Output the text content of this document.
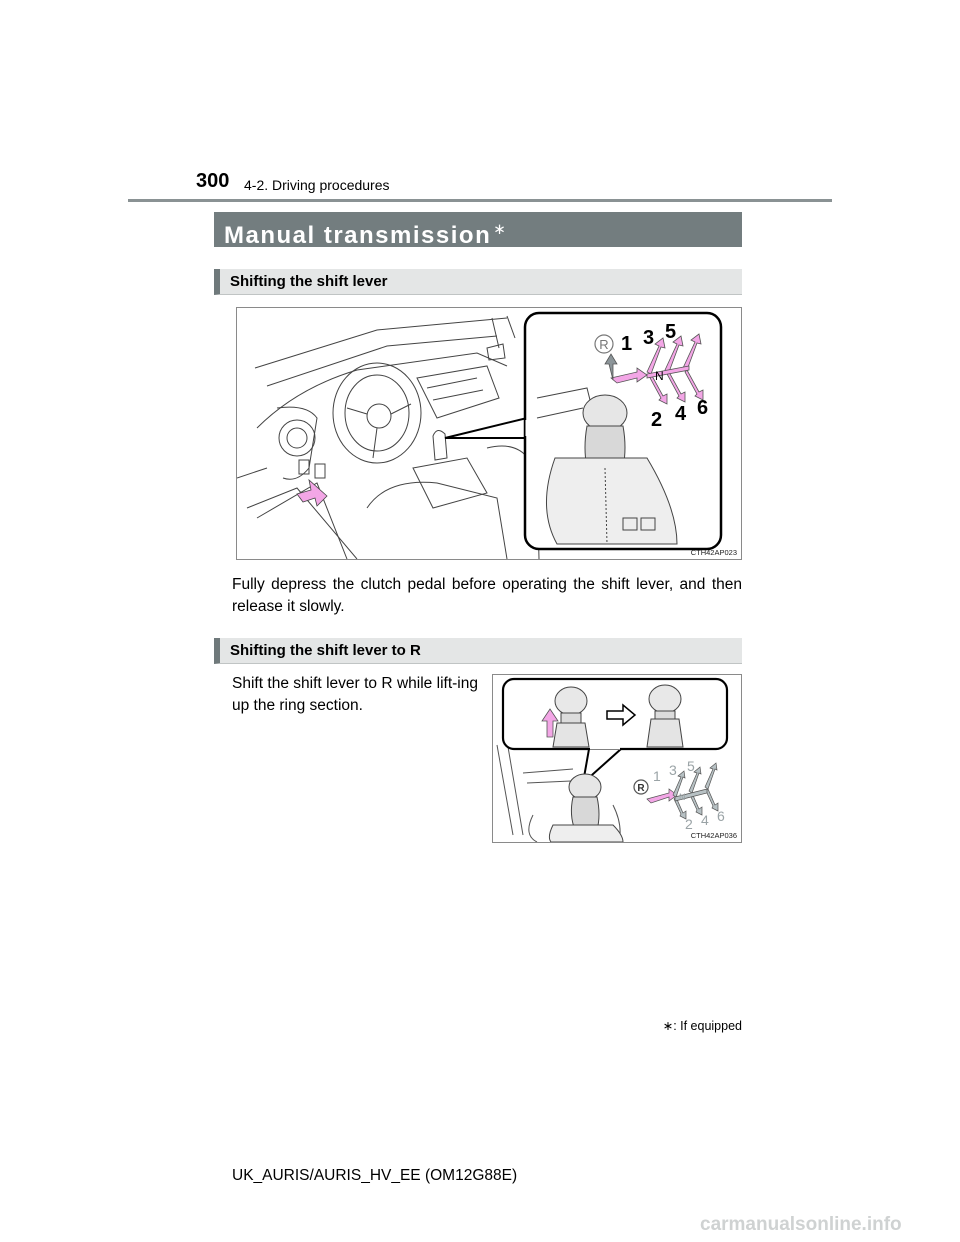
300 4-2. Driving procedures
Manual transmission ∗
Shifting the shift lever
R 1 3 5
N
2 4 6
CTH42AP023
Fully depress the clutch pedal before operating the shift lever, and then release it slowly.
Shifting the shift lever to R
Shift the shift lever to R while lift-ing up the ring section.
R
1 3 5
N
2 4 6
CTH42AP036
∗: If equipped
UK_AURIS/AURIS_HV_EE (OM12G88E)
carmanualsonline.info
